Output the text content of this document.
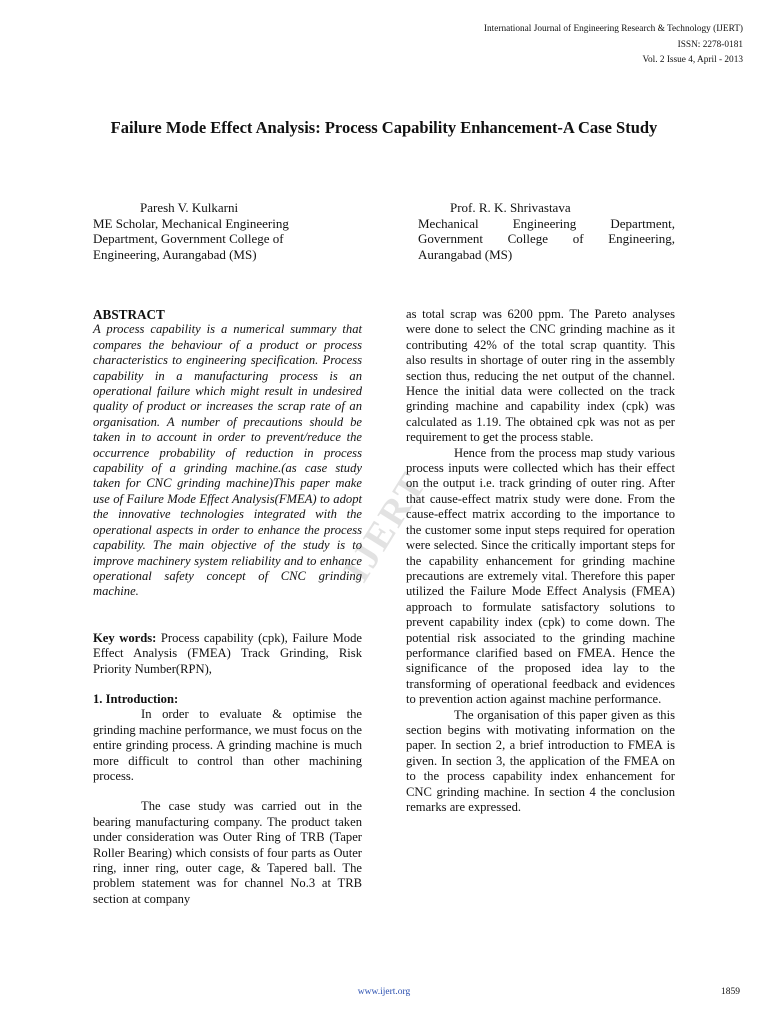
International Journal of Engineering Research & Technology (IJERT)
ISSN: 2278-0181
Vol. 2 Issue 4, April - 2013
Failure Mode Effect Analysis: Process Capability Enhancement-A Case Study
Paresh V. Kulkarni
ME Scholar, Mechanical Engineering Department, Government College of Engineering, Aurangabad (MS)
Prof. R. K. Shrivastava
Mechanical Engineering Department, Government College of Engineering, Aurangabad (MS)
IJERT
ABSTRACT

A process capability is a numerical summary that compares the behaviour of a product or process characteristics to engineering specification. Process capability in a manufacturing process is an operational failure which might result in undesired quality of product or increases the scrap rate of an organisation. A number of precautions should be taken in to account in order to prevent/reduce the occurrence probability of reduction in process capability of a grinding machine.(as case study taken for CNC grinding machine)This paper make use of Failure Mode Effect Analysis(FMEA) to adopt the innovative technologies integrated with the operational aspects in order to enhance the process capability. The main objective of the study is to improve machinery system reliability and to enhance operational safety concept of CNC grinding machine.

Key words: Process capability (cpk), Failure Mode Effect Analysis (FMEA) Track Grinding, Risk Priority Number(RPN),

1. Introduction:

In order to evaluate & optimise the grinding machine performance, we must focus on the entire grinding process. A grinding machine is much more difficult to control than other machining process.

The case study was carried out in the bearing manufacturing company. The product taken under consideration was Outer Ring of TRB (Taper Roller Bearing) which consists of four parts as Outer ring, inner ring, outer cage, & Tapered ball. The problem statement was for channel No.3 at TRB section at company

as total scrap was 6200 ppm. The Pareto analyses were done to select the CNC grinding machine as it contributing 42% of the total scrap quantity. This also results in shortage of outer ring in the assembly section thus, reducing the net output of the channel. Hence the initial data were collected on the track grinding machine and capability index (cpk) was calculated as 1.19. The obtained cpk was not as per requirement to get the process stable.

Hence from the process map study various process inputs were collected which has their effect on the output i.e. track grinding of outer ring. After that cause-effect matrix study were done. From the cause-effect matrix according to the importance to the customer some input steps required for operation were selected. Since the critically important steps for the capability enhancement for grinding machine precautions are extremely vital. Therefore this paper utilized the Failure Mode Effect Analysis (FMEA) approach to formulate satisfactory solutions to prevent capability index (cpk) to come down. The potential risk associated to the grinding machine performance clarified based on FMEA. Hence the significance of the proposed idea lay to the transforming of operational feedback and evidences to prevention action against machine performance.

The organisation of this paper given as this section begins with motivating information on the paper. In section 2, a brief introduction to FMEA is given. In section 3, the application of the FMEA on to the process capability index enhancement for CNC grinding machine. In section 4 the conclusion remarks are expressed.

www.ijert.org	1859
